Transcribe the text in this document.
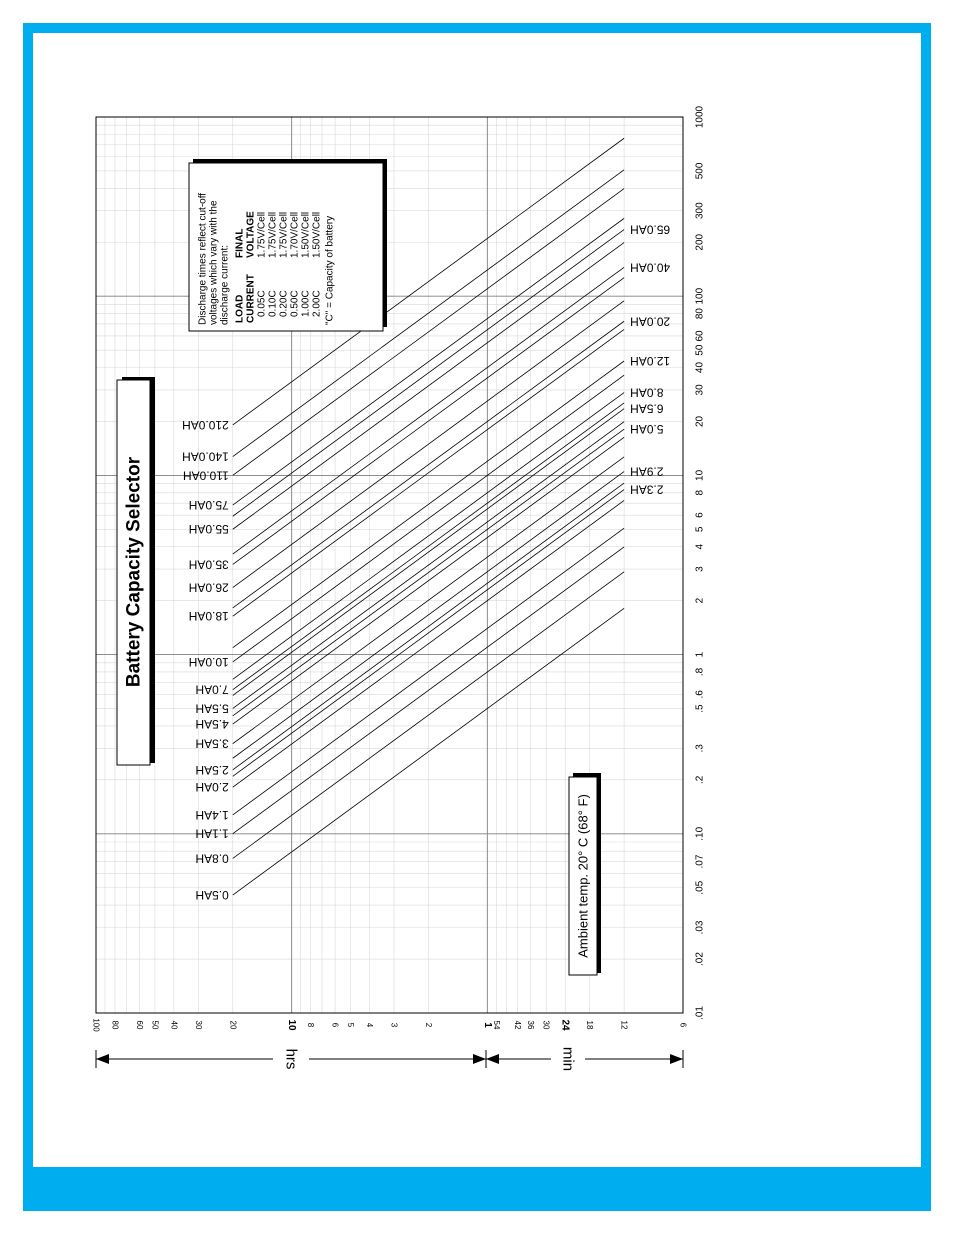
.01
.02
.03
.05
.07
.10
.2
.3
.5
.6
.8
1
2
3
4
5
6
8
10
20
30
40
50
60
80
100
200
300
500
1000
100 80 60 50 40 30	20	10 8 6 5 4 3	2	1
54 42 36 30 24 18	12	6
0.5AH
0.8AH
1.1AH
1.4AH
2.0AH
2.5AH
2.3AH
2.9AH
3.5AH
4.5AH
5.0AH
5.5AH
6.5AH
7.0AH
8.0AH
10.0AH
12.0AH
18.0AH
20.0AH
26.0AH
35.0AH
40.0AH
55.0AH
65.0AH
75.0AH
110.0AH
140.0AH
210.0AH
hrs	min
Battery Capacity Selector
Ambient temp. 20° C (68° F)
Discharge times reflect cut-off voltages which vary with the discharge current: LOAD
FINAL
CURRENT
VOLTAGE
0.05C
1.75V/Cell
0.10C
1.75V/Cell
0.20C
1.75V/Cell
0.50C
1.70V/Cell
1.00C
1.50V/Cell
2.00C
1.50V/Cell "C" = Capacity of battery
